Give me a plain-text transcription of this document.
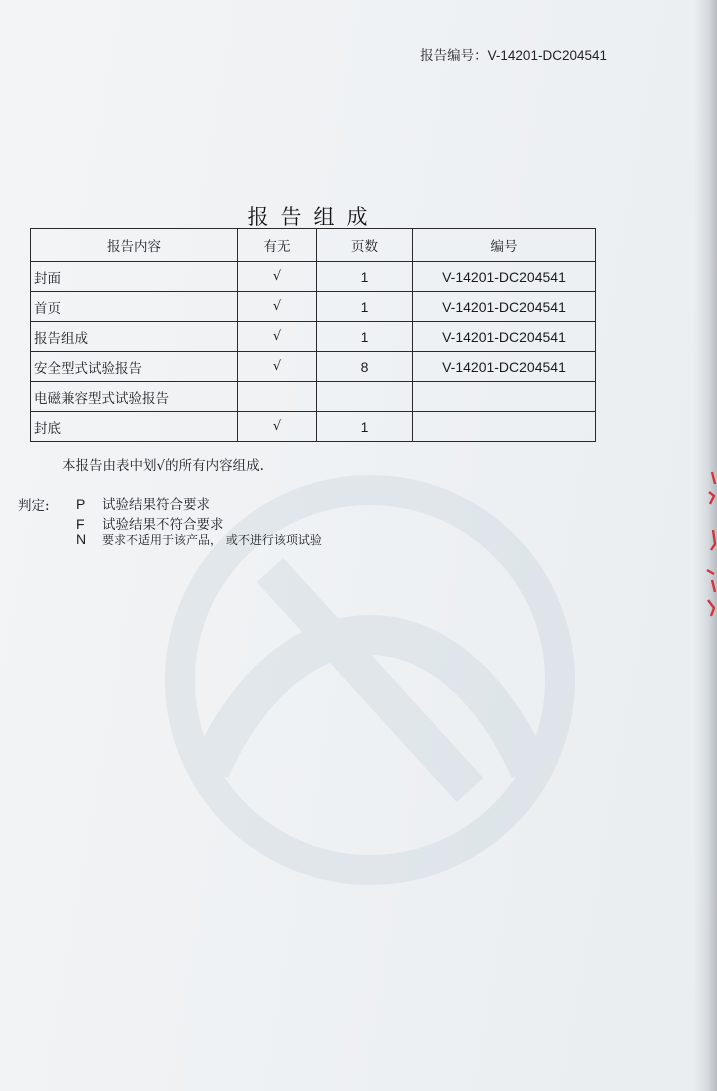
报告编号：V-14201-DC204541
报告组成
报告内容	有无	页数	编号
封面	√	1	V-14201-DC204541
首页	√	1	V-14201-DC204541
报告组成	√	1	V-14201-DC204541
安全型式试验报告	√	8	V-14201-DC204541
电磁兼容型式试验报告			
封底	√	1	
本报告由表中划√的所有内容组成.
判定: P 试验结果符合要求
F 试验结果不符合要求
N 要求不适用于该产品， 或不进行该项试验
